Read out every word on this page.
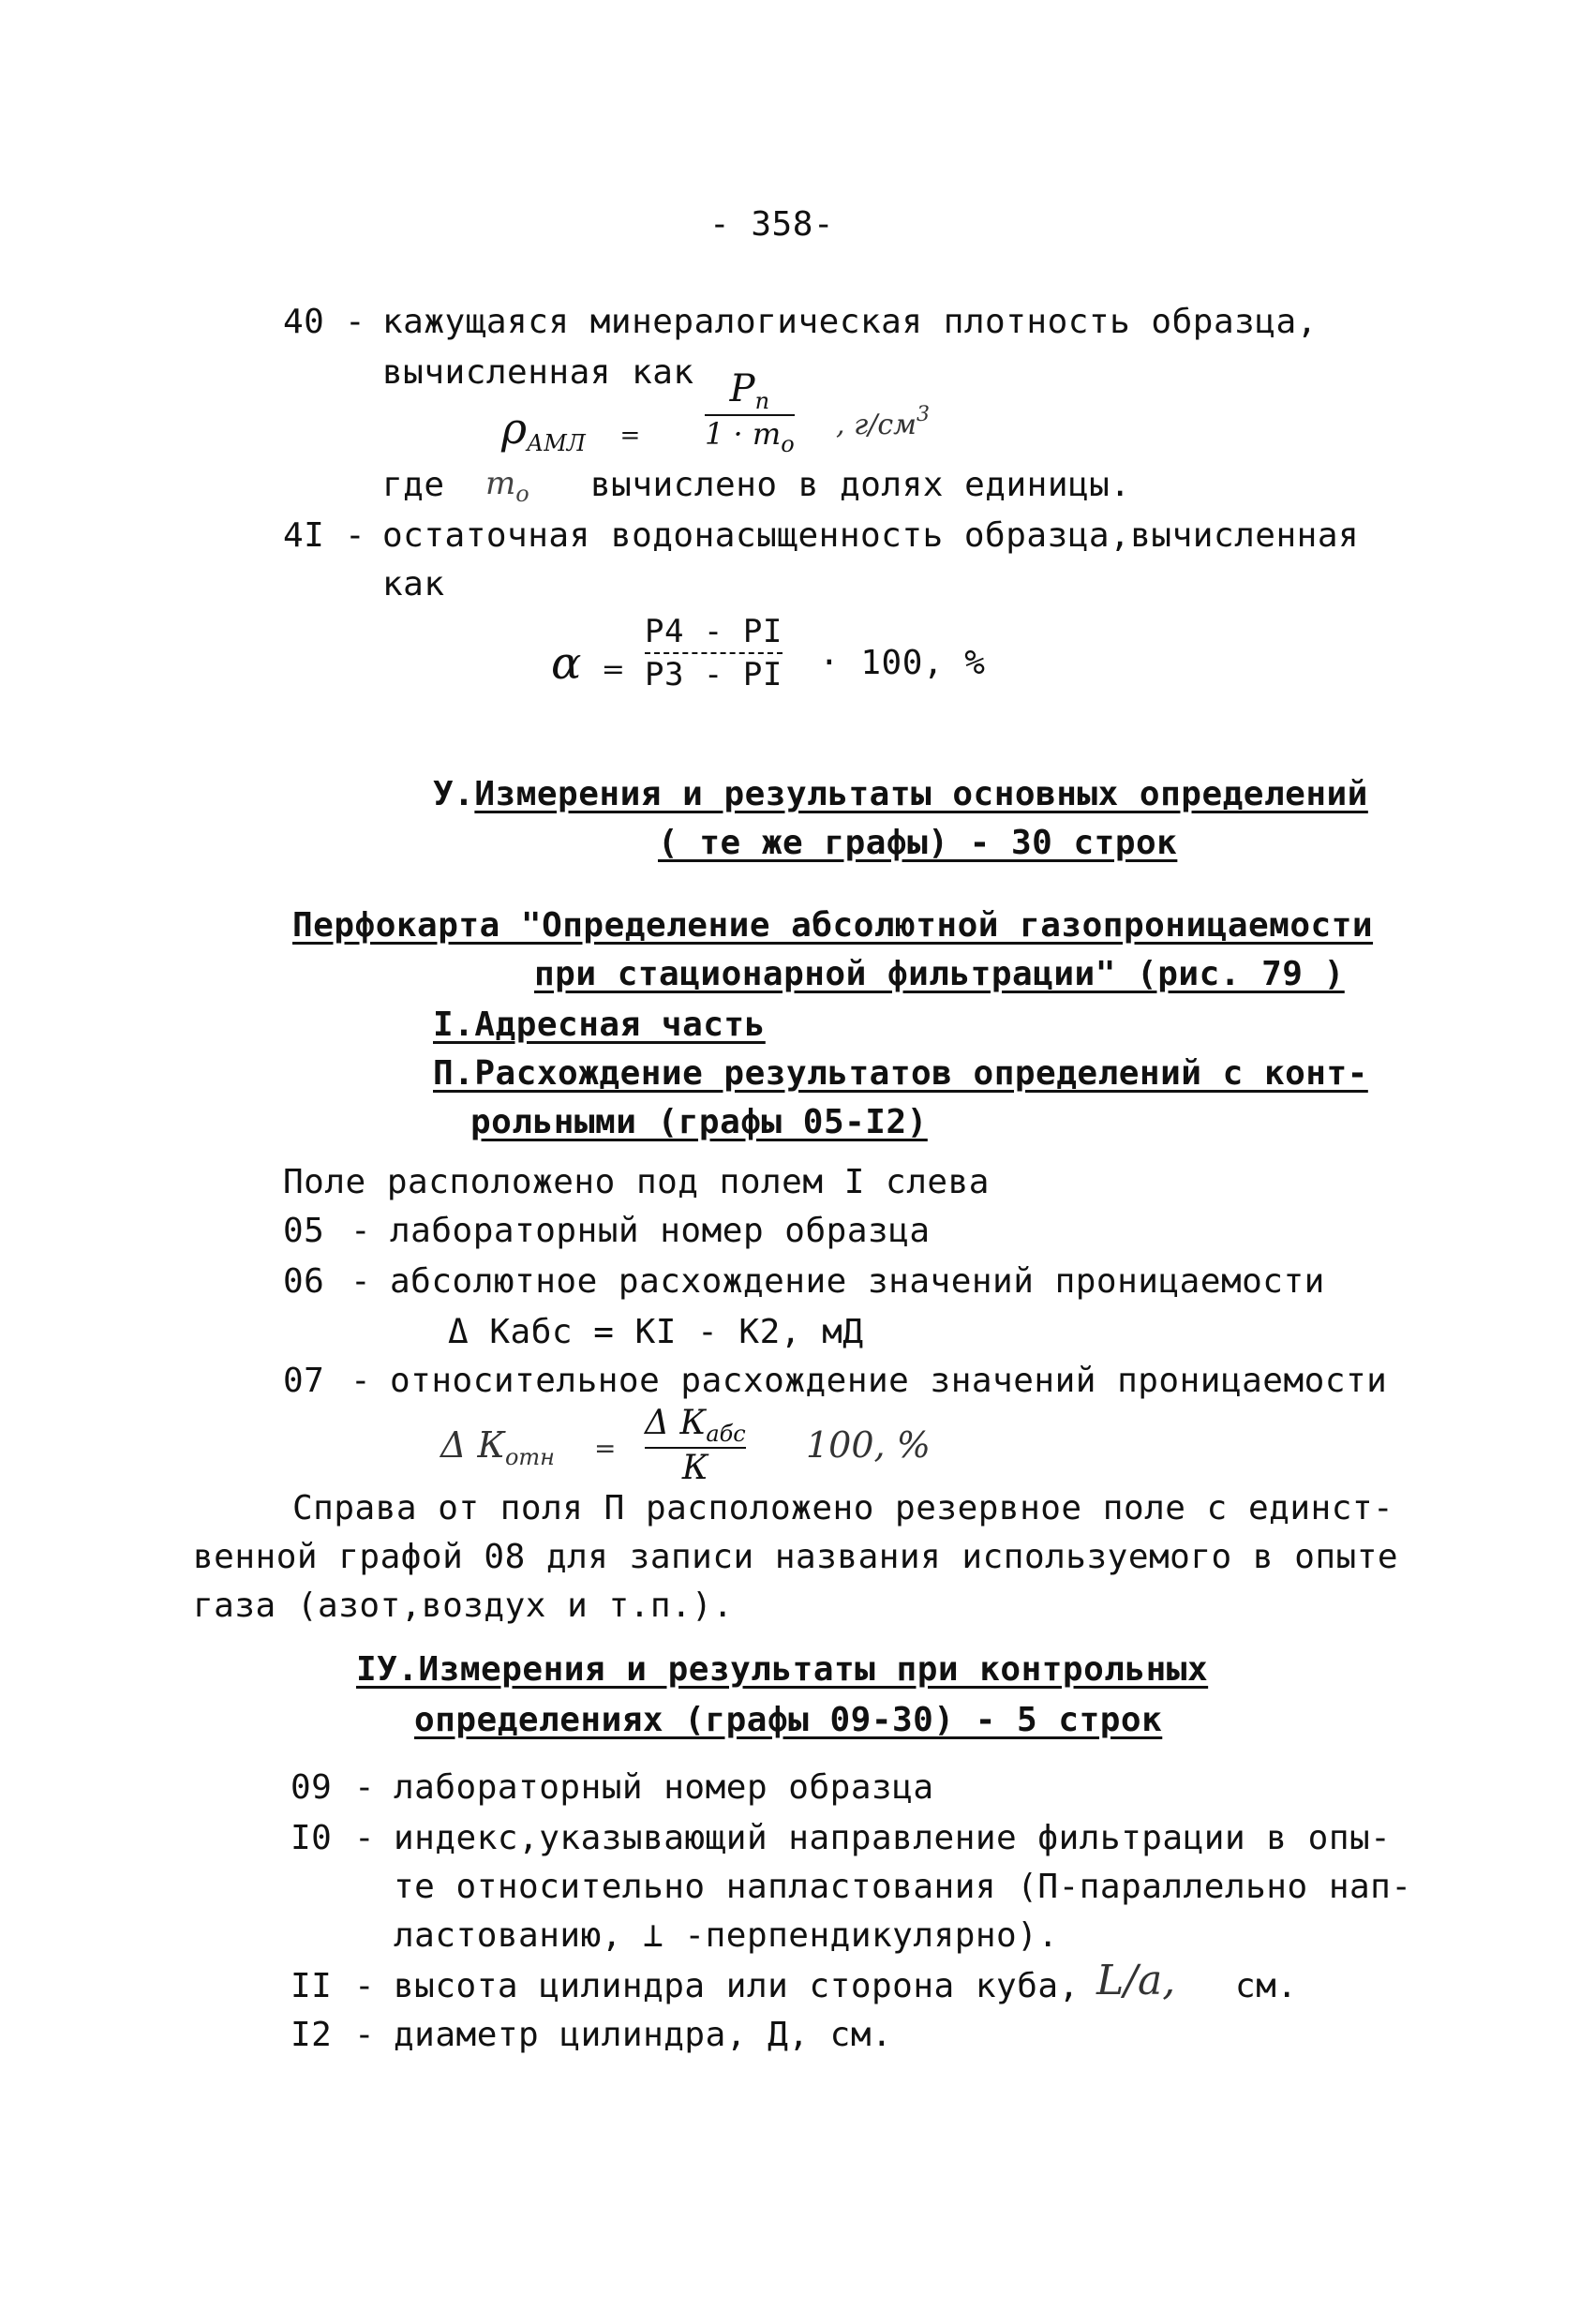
- 358-
40 - кажущаяся минералогическая плотность образца,
вычисленная как
$\rho_{АМЛ}$ =
$P_п$
$1 \cdot m_o$
, $г/см^3$
где $m_o$ вычислено в долях единицы.
4I - остаточная водонасыщенность образца,вычисленная
как
α =
P4 - PI
P3 - PI · 100, %
У.Измерения и результаты основных определений
( те же графы) - 30 строк
Перфокарта "Определение абсолютной газопроницаемости
при стационарной фильтрации" (рис. 79 )
I.Адресная часть
П.Расхождение результатов определений с конт-
рольными (графы 05-I2)
Поле расположено под полем I слева
05 - лабораторный номер образца
06 - абсолютное расхождение значений проницаемости
Δ Кабс = KI - K2, мД
07 - относительное расхождение значений проницаемости
Δ $К_{отн}$ =
Δ $К_{абс}$
К
100, %
Справа от поля П расположено резервное поле с единст-
венной графой 08 для записи названия используемого в опыте
газа (азот,воздух и т.п.).
IУ.Измерения и результаты при контрольных
определениях (графы 09-30) - 5 строк
09 - лабораторный номер образца
I0 - индекс,указывающий направление фильтрации в опы-
те относительно напластования (П-параллельно нап-
ластованию, ⊥ -перпендикулярно).
II - высота цилиндра или сторона куба, L/a, см.
I2 - диаметр цилиндра, Д, см.
